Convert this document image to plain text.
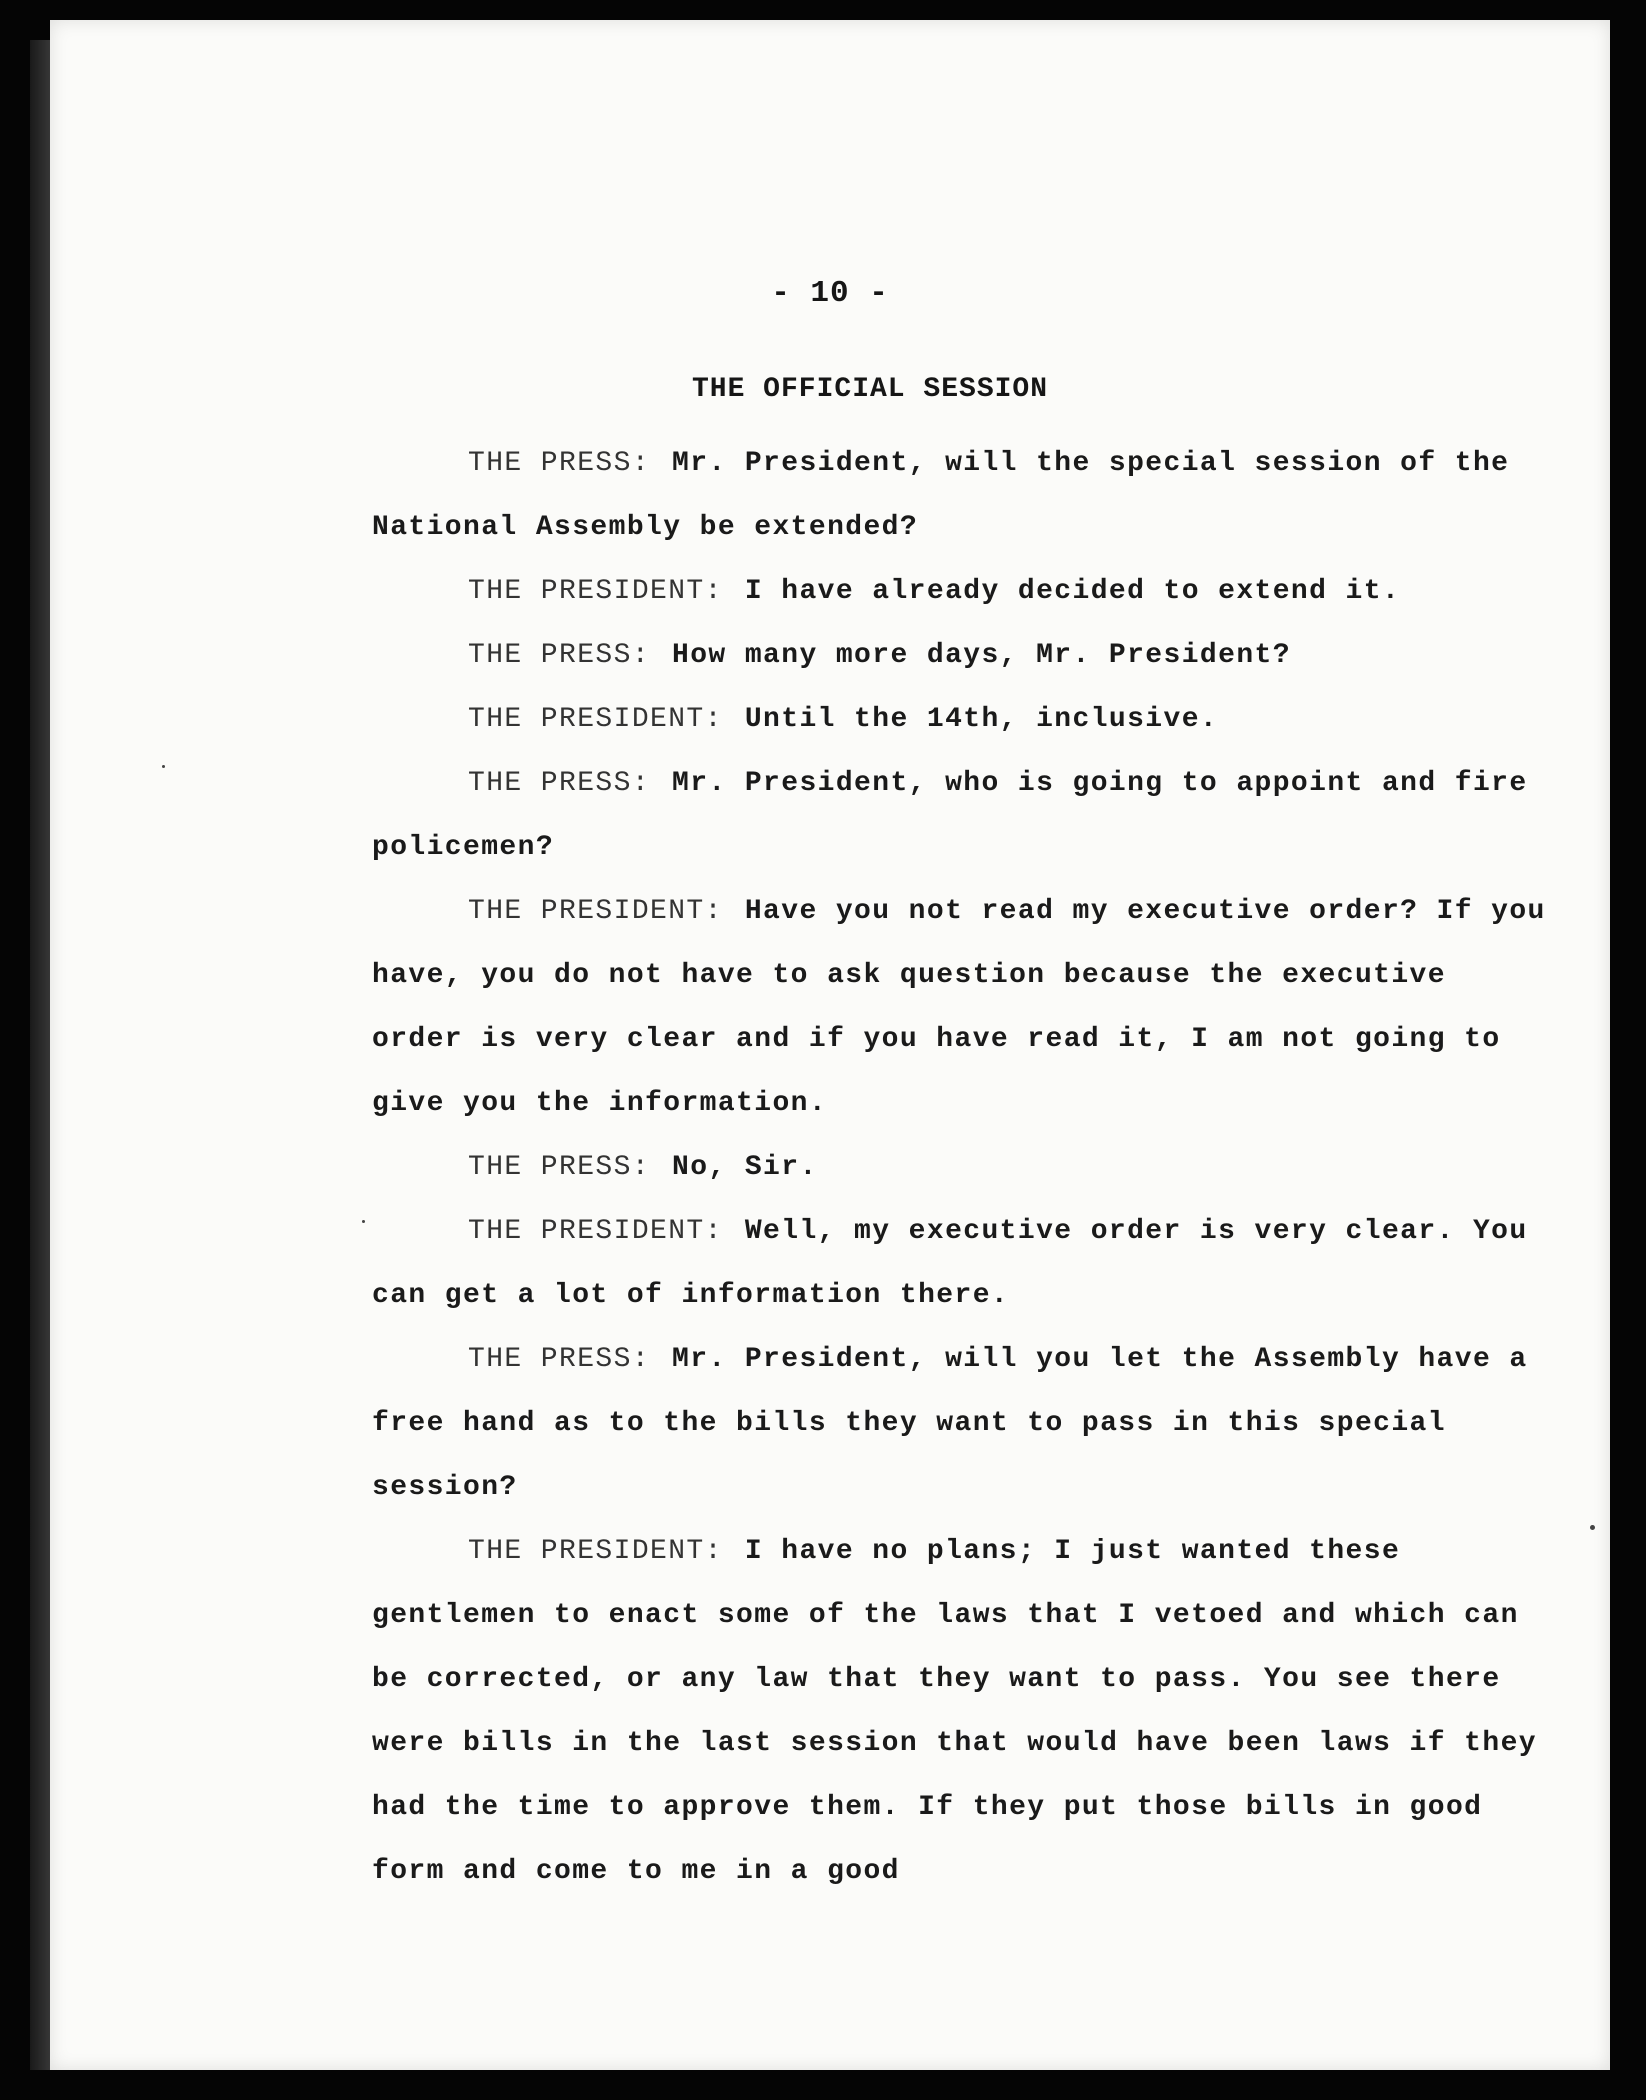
- 10 -
THE OFFICIAL SESSION

THE PRESS: Mr. President, will the special session of the National Assembly be extended?

THE PRESIDENT: I have already decided to extend it.

THE PRESS: How many more days, Mr. President?

THE PRESIDENT: Until the 14th, inclusive.

THE PRESS: Mr. President, who is going to appoint and fire policemen?

THE PRESIDENT: Have you not read my executive order? If you have, you do not have to ask question because the executive order is very clear and if you have read it, I am not going to give you the information.

THE PRESS: No, Sir.

THE PRESIDENT: Well, my executive order is very clear. You can get a lot of information there.

THE PRESS: Mr. President, will you let the Assembly have a free hand as to the bills they want to pass in this special session?

THE PRESIDENT: I have no plans; I just wanted these gentlemen to enact some of the laws that I vetoed and which can be corrected, or any law that they want to pass. You see there were bills in the last session that would have been laws if they had the time to approve them. If they put those bills in good form and come to me in a good
